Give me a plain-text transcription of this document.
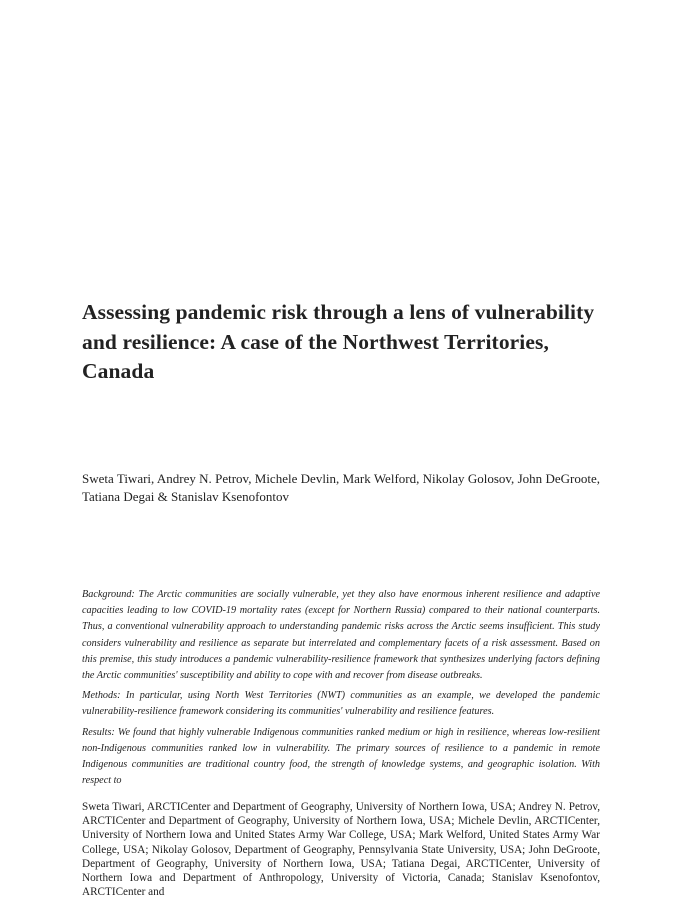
Assessing pandemic risk through a lens of vulnerability and resilience: A case of the Northwest Territories, Canada

Sweta Tiwari, Andrey N. Petrov, Michele Devlin, Mark Welford, Nikolay Golosov, John DeGroote, Tatiana Degai & Stanislav Ksenofontov

Background: The Arctic communities are socially vulnerable, yet they also have enormous inherent resilience and adaptive capacities leading to low COVID-19 mortality rates (except for Northern Russia) compared to their national counterparts. Thus, a conventional vulnerability approach to understanding pandemic risks across the Arctic seems insufficient. This study considers vulnerability and resilience as separate but interrelated and complementary facets of a risk assessment. Based on this premise, this study introduces a pandemic vulnerability-resilience framework that synthesizes underlying factors defining the Arctic communities' susceptibility and ability to cope with and recover from disease outbreaks.

Methods: In particular, using North West Territories (NWT) communities as an example, we developed the pandemic vulnerability-resilience framework considering its communities' vulnerability and resilience features.

Results: We found that highly vulnerable Indigenous communities ranked medium or high in resilience, whereas low-resilient non-Indigenous communities ranked low in vulnerability. The primary sources of resilience to a pandemic in remote Indigenous communities are traditional country food, the strength of knowledge systems, and geographic isolation. With respect to

Sweta Tiwari, ARCTICenter and Department of Geography, University of Northern Iowa, USA; Andrey N. Petrov, ARCTICenter and Department of Geography, University of Northern Iowa, USA; Michele Devlin, ARCTICenter, University of Northern Iowa and United States Army War College, USA; Mark Welford, United States Army War College, USA; Nikolay Golosov, Department of Geography, Pennsylvania State University, USA; John DeGroote, Department of Geography, University of Northern Iowa, USA; Tatiana Degai, ARCTICenter, University of Northern Iowa and Department of Anthropology, University of Victoria, Canada; Stanislav Ksenofontov, ARCTICenter and
